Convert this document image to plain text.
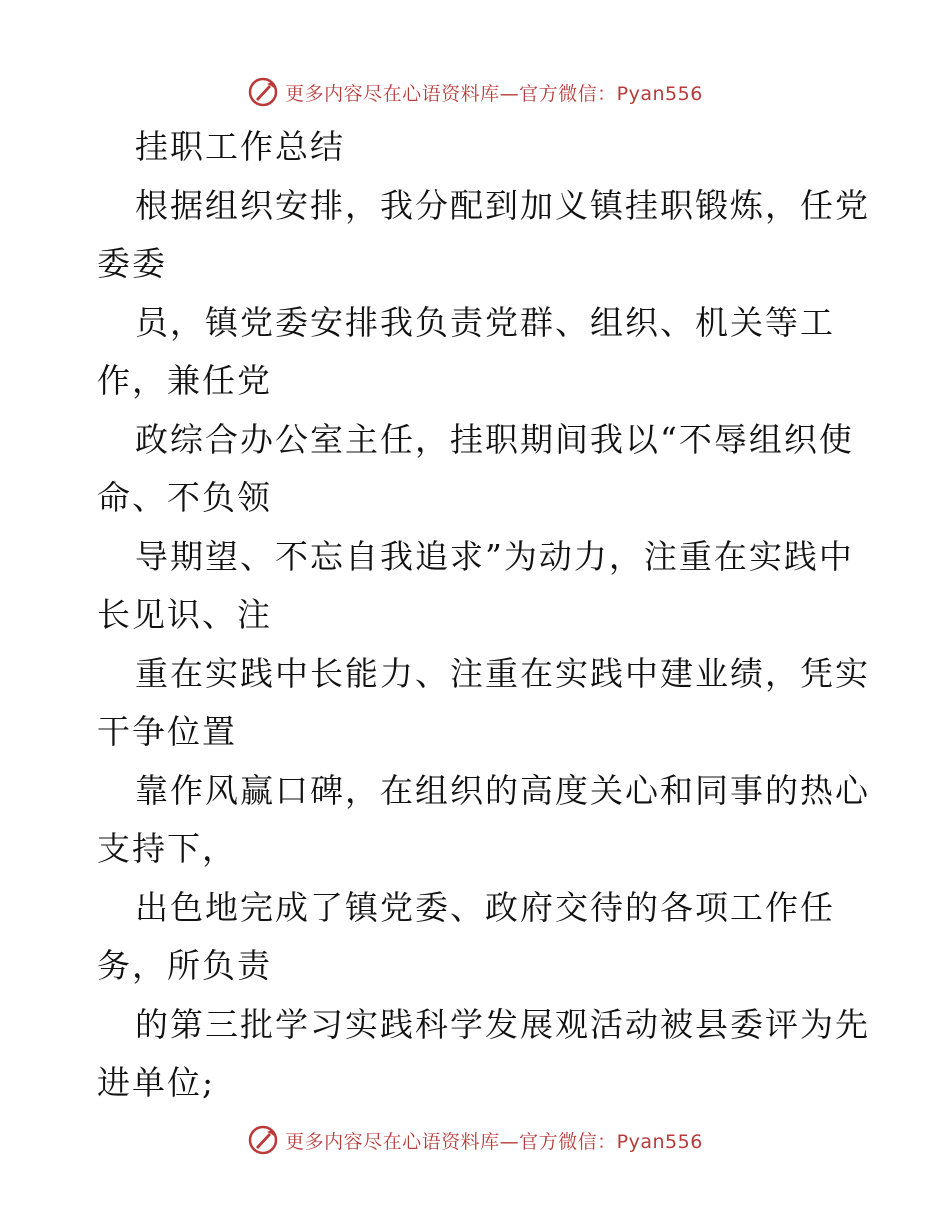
更多内容尽在心语资料库—官方微信：Pyan556
挂职工作总结
根据组织安排，我分配到加义镇挂职锻炼，任党
委委
员，镇党委安排我负责党群、组织、机关等工
作，兼任党
政综合办公室主任，挂职期间我以“不辱组织使
命、不负领
导期望、不忘自我追求”为动力，注重在实践中
长见识、注
重在实践中长能力、注重在实践中建业绩，凭实
干争位置
靠作风赢口碑，在组织的高度关心和同事的热心
支持下，
出色地完成了镇党委、政府交待的各项工作任
务，所负责
的第三批学习实践科学发展观活动被县委评为先
进单位;
更多内容尽在心语资料库—官方微信：Pyan556
